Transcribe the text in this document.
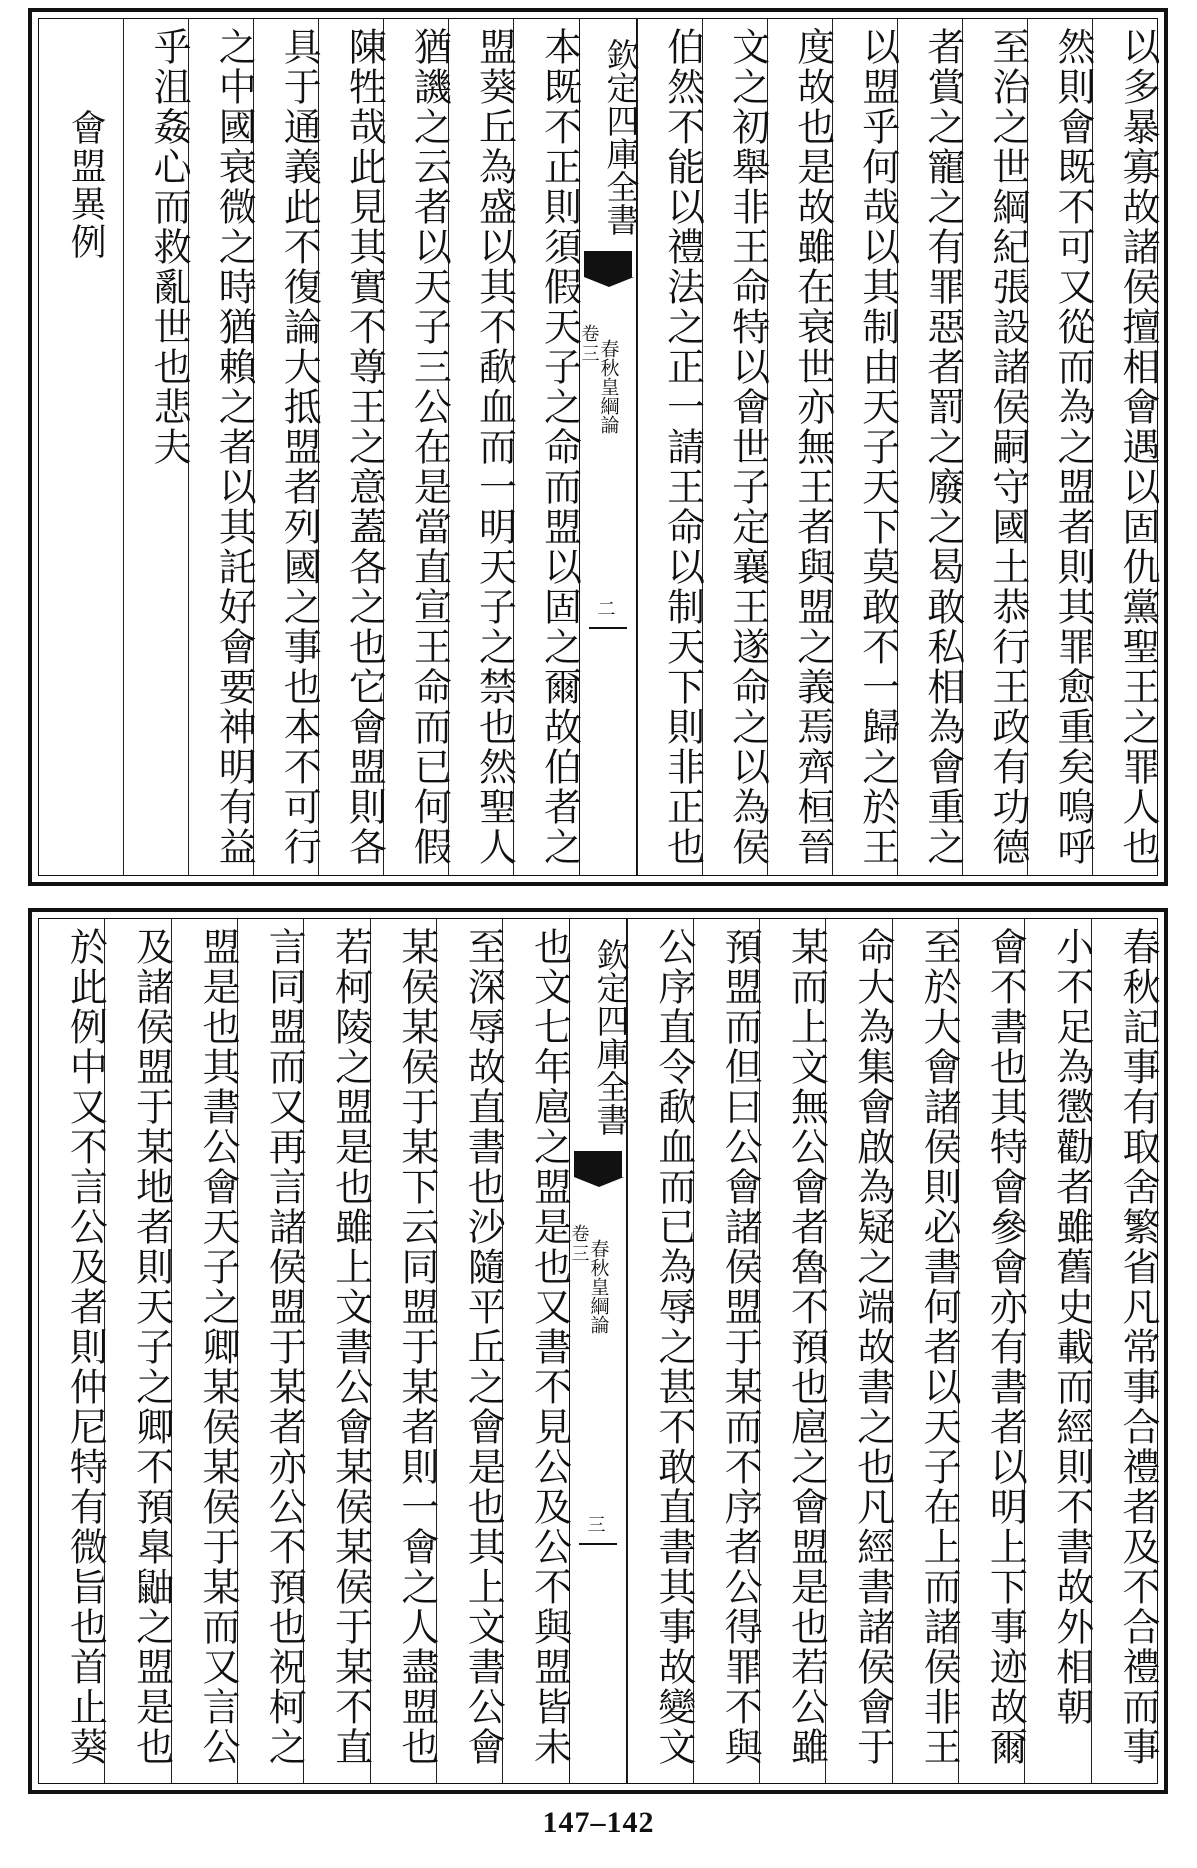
以多暴寡故諸侯擅相會遇以固仇黨聖王之罪人也
然則會既不可又從而為之盟者則其罪愈重矣嗚呼
至治之世綱紀張設諸侯嗣守國土恭行王政有功德
者賞之寵之有罪惡者罰之廢之曷敢私相為會重之
以盟乎何哉以其制由天子天下莫敢不一歸之於王
度故也是故雖在衰世亦無王者與盟之義焉齊桓晉
文之初舉非王命特以會世子定襄王遂命之以為侯
伯然不能以禮法之正一請王命以制天下則非正也
欽定四庫全書
春秋皇綱論
卷三
二
本既不正則須假天子之命而盟以固之爾故伯者之
盟葵丘為盛以其不歃血而一明天子之禁也然聖人
猶譏之云者以天子三公在是當直宣王命而已何假
陳牲哉此見其實不尊王之意蓋各之也它會盟則各
具于通義此不復論大抵盟者列國之事也本不可行
之中國衰微之時猶賴之者以其託好會要神明有益
乎沮姦心而救亂世也悲夫
會盟異例
春秋記事有取舍繁省凡常事合禮者及不合禮而事
小不足為懲勸者雖舊史載而經則不書故外相朝
會不書也其特會參會亦有書者以明上下事迹故爾
至於大會諸侯則必書何者以天子在上而諸侯非王
命大為集會啟為疑之端故書之也凡經書諸侯會于
某而上文無公會者魯不預也扈之會盟是也若公雖
預盟而但曰公會諸侯盟于某而不序者公得罪不與
公序直令歃血而已為辱之甚不敢直書其事故變文
欽定四庫全書
春秋皇綱論
卷三
三
也文七年扈之盟是也又書不見公及公不與盟皆未
至深辱故直書也沙隨平丘之會是也其上文書公會
某侯某侯于某下云同盟于某者則一會之人盡盟也
若柯陵之盟是也雖上文書公會某侯某侯于某不直
言同盟而又再言諸侯盟于某者亦公不預也祝柯之
盟是也其書公會天子之卿某侯某侯于某而又言公
及諸侯盟于某地者則天子之卿不預臯鼬之盟是也
於此例中又不言公及者則仲尼特有微旨也首止葵
147–142
